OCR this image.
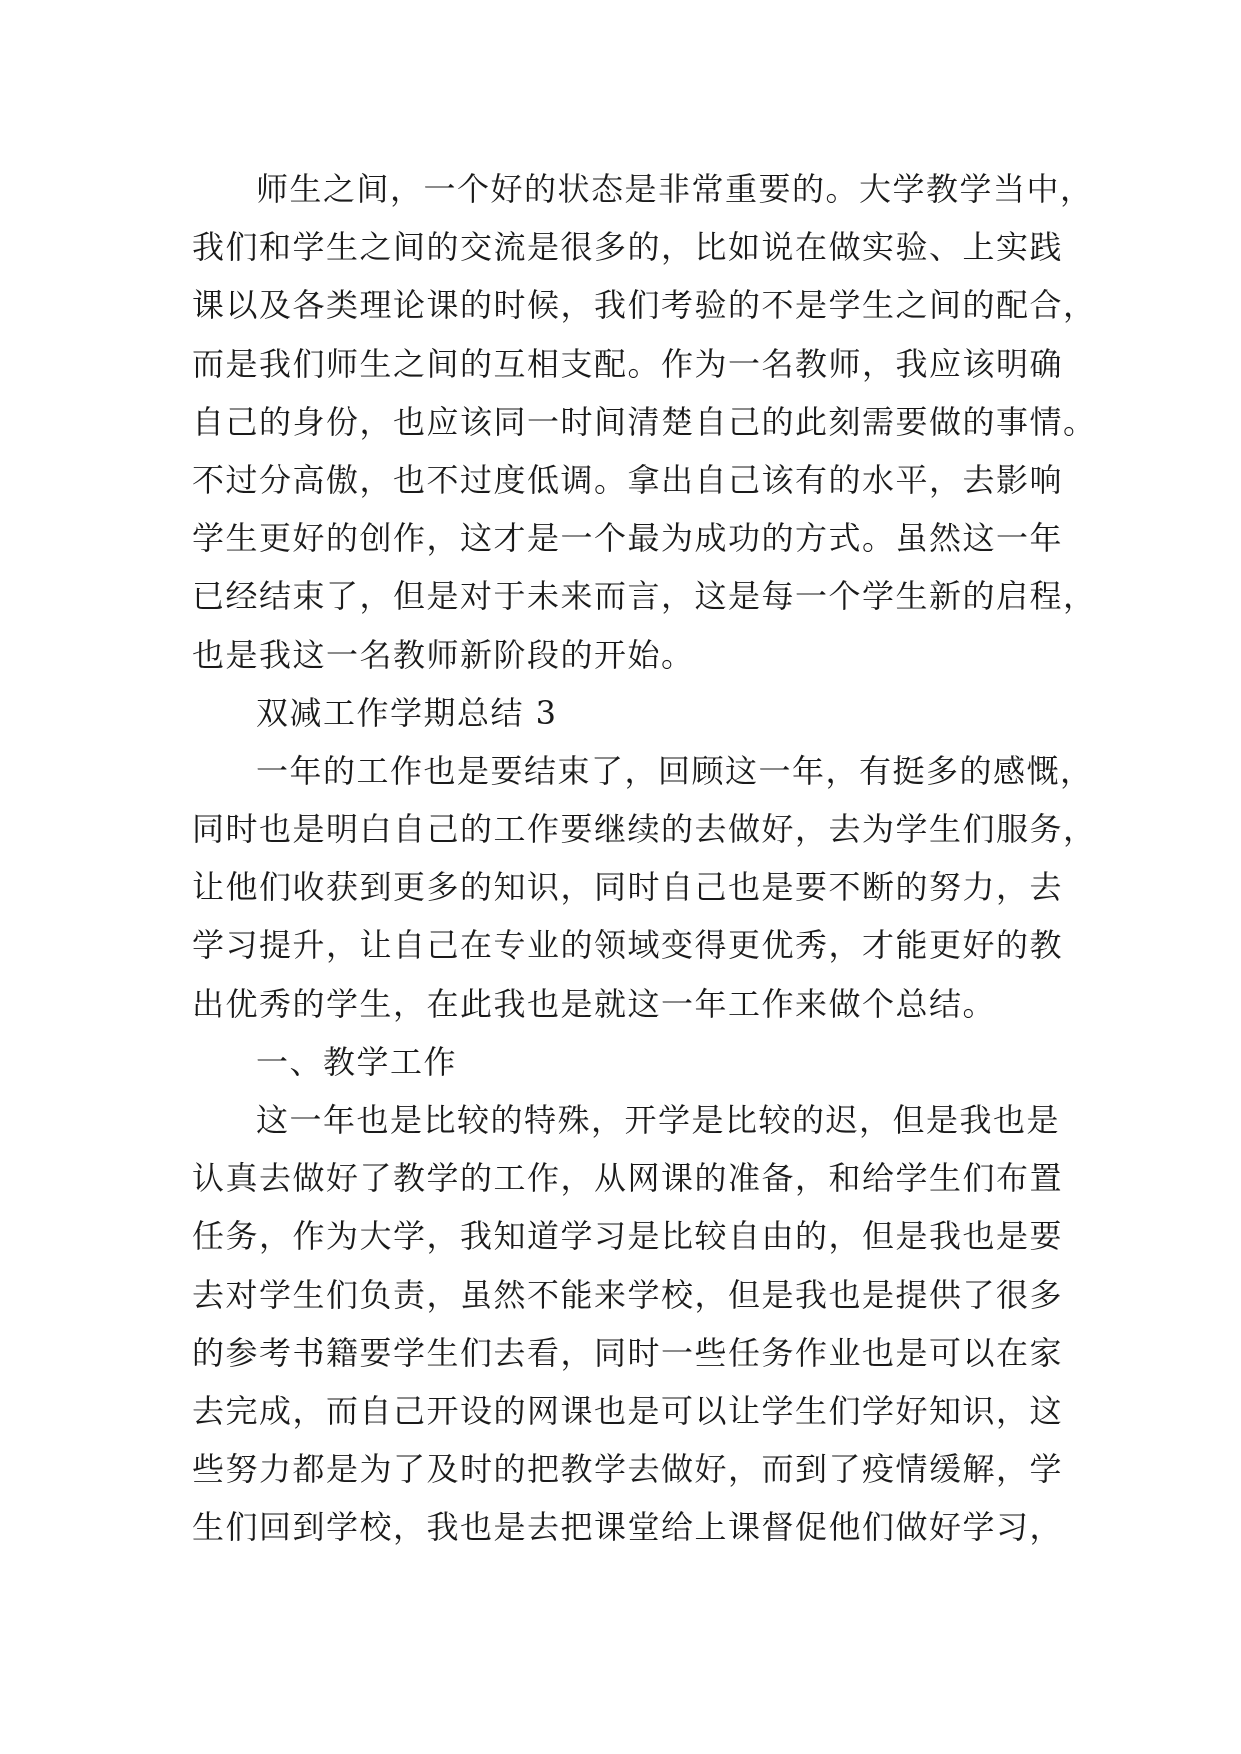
师生之间，一个好的状态是非常重要的。大学教学当中，
我们和学生之间的交流是很多的，比如说在做实验、上实践
课以及各类理论课的时候，我们考验的不是学生之间的配合，
而是我们师生之间的互相支配。作为一名教师，我应该明确
自己的身份，也应该同一时间清楚自己的此刻需要做的事情。
不过分高傲，也不过度低调。拿出自己该有的水平，去影响
学生更好的创作，这才是一个最为成功的方式。虽然这一年
已经结束了，但是对于未来而言，这是每一个学生新的启程，
也是我这一名教师新阶段的开始。
双减工作学期总结 3
一年的工作也是要结束了，回顾这一年，有挺多的感慨，
同时也是明白自己的工作要继续的去做好，去为学生们服务，
让他们收获到更多的知识，同时自己也是要不断的努力，去
学习提升，让自己在专业的领域变得更优秀，才能更好的教
出优秀的学生，在此我也是就这一年工作来做个总结。
一、教学工作
这一年也是比较的特殊，开学是比较的迟，但是我也是
认真去做好了教学的工作，从网课的准备，和给学生们布置
任务，作为大学，我知道学习是比较自由的，但是我也是要
去对学生们负责，虽然不能来学校，但是我也是提供了很多
的参考书籍要学生们去看，同时一些任务作业也是可以在家
去完成，而自己开设的网课也是可以让学生们学好知识，这
些努力都是为了及时的把教学去做好，而到了疫情缓解，学
生们回到学校，我也是去把课堂给上课督促他们做好学习，
